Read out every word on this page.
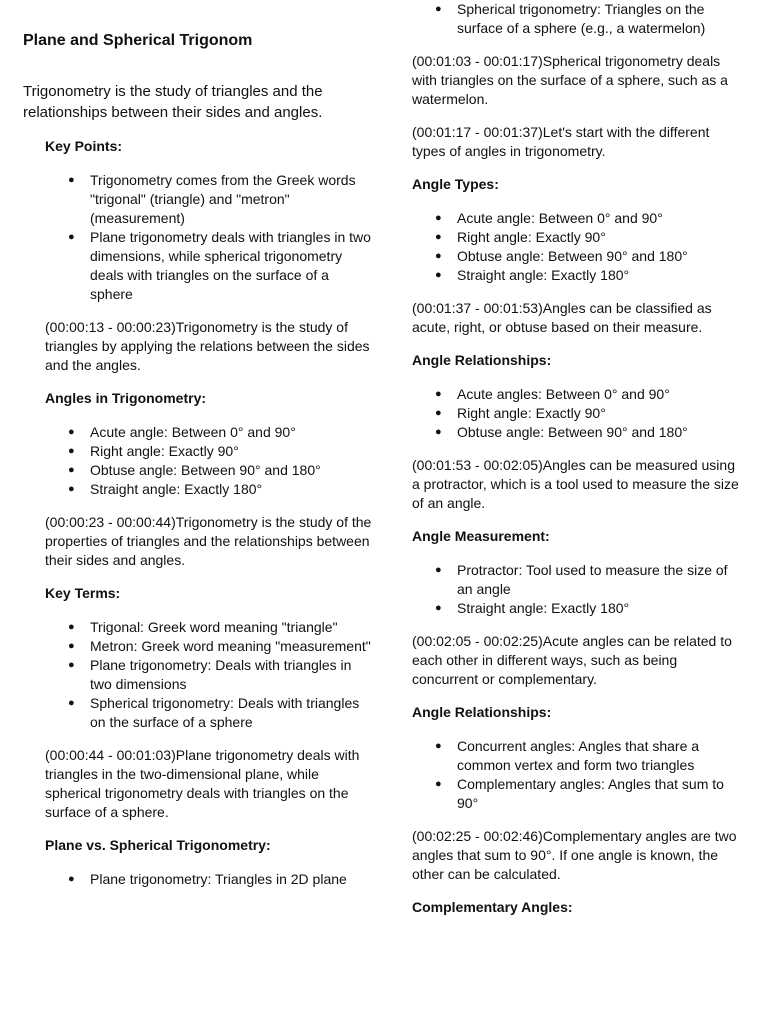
Plane and Spherical Trigonom
Trigonometry is the study of triangles and the relationships between their sides and angles.
Key Points:
● Trigonometry comes from the Greek words "trigonal" (triangle) and "metron" (measurement)
● Plane trigonometry deals with triangles in two dimensions, while spherical trigonometry deals with triangles on the surface of a sphere
(00:00:13 - 00:00:23)Trigonometry is the study of triangles by applying the relations between the sides and the angles.
Angles in Trigonometry:
● Acute angle: Between 0° and 90°
● Right angle: Exactly 90°
● Obtuse angle: Between 90° and 180°
● Straight angle: Exactly 180°
(00:00:23 - 00:00:44)Trigonometry is the study of the properties of triangles and the relationships between their sides and angles.
Key Terms:
● Trigonal: Greek word meaning "triangle"
● Metron: Greek word meaning "measurement"
● Plane trigonometry: Deals with triangles in two dimensions
● Spherical trigonometry: Deals with triangles on the surface of a sphere
(00:00:44 - 00:01:03)Plane trigonometry deals with triangles in the two-dimensional plane, while spherical trigonometry deals with triangles on the surface of a sphere.
Plane vs. Spherical Trigonometry:
● Plane trigonometry: Triangles in 2D plane
● Spherical trigonometry: Triangles on the surface of a sphere (e.g., a watermelon)
(00:01:03 - 00:01:17)Spherical trigonometry deals with triangles on the surface of a sphere, such as a watermelon.
(00:01:17 - 00:01:37)Let's start with the different types of angles in trigonometry.
Angle Types:
● Acute angle: Between 0° and 90°
● Right angle: Exactly 90°
● Obtuse angle: Between 90° and 180°
● Straight angle: Exactly 180°
(00:01:37 - 00:01:53)Angles can be classified as acute, right, or obtuse based on their measure.
Angle Relationships:
● Acute angles: Between 0° and 90°
● Right angle: Exactly 90°
● Obtuse angle: Between 90° and 180°
(00:01:53 - 00:02:05)Angles can be measured using a protractor, which is a tool used to measure the size of an angle.
Angle Measurement:
● Protractor: Tool used to measure the size of an angle
● Straight angle: Exactly 180°
(00:02:05 - 00:02:25)Acute angles can be related to each other in different ways, such as being concurrent or complementary.
Angle Relationships:
● Concurrent angles: Angles that share a common vertex and form two triangles
● Complementary angles: Angles that sum to 90°
(00:02:25 - 00:02:46)Complementary angles are two angles that sum to 90°. If one angle is known, the other can be calculated.
Complementary Angles:
